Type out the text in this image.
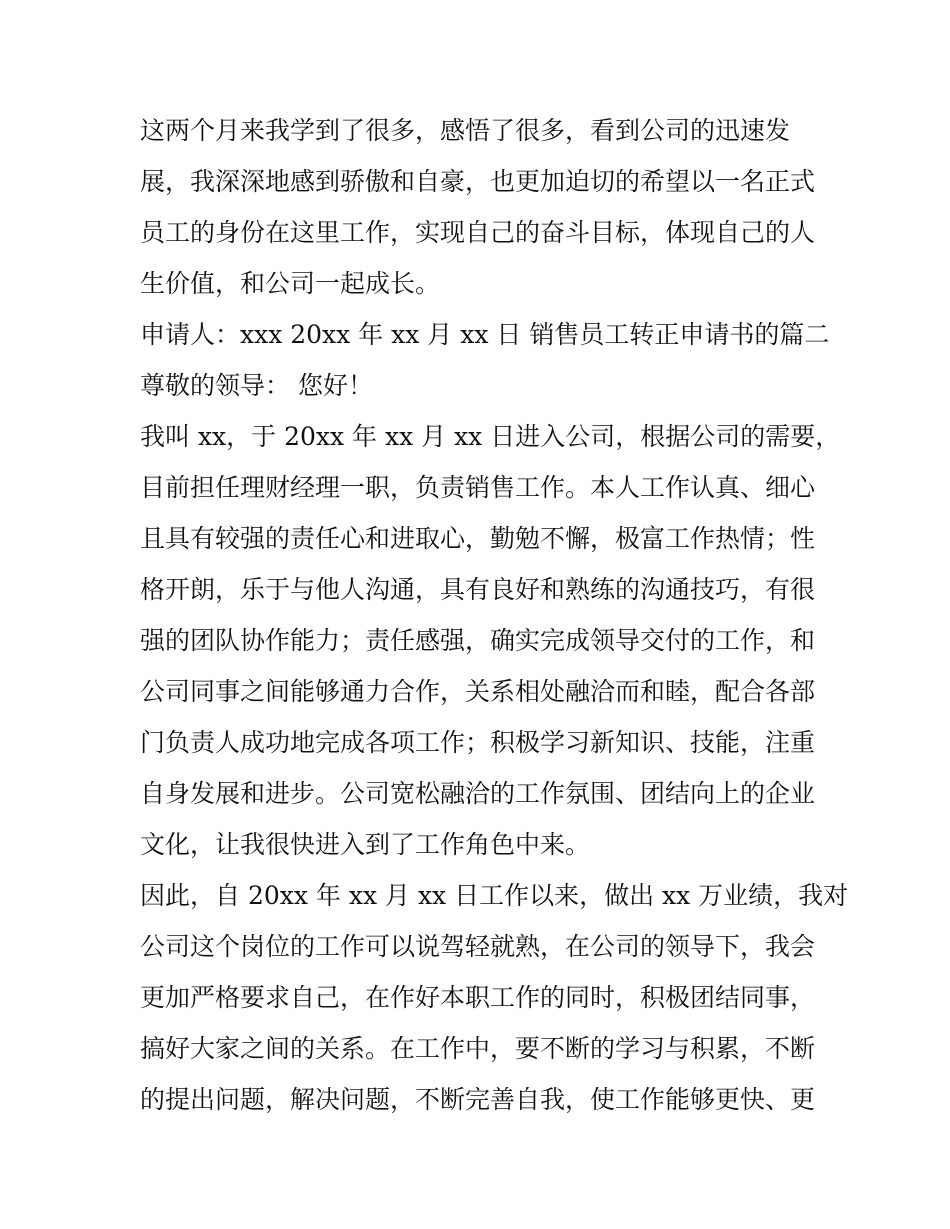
这两个月来我学到了很多，感悟了很多，看到公司的迅速发
展，我深深地感到骄傲和自豪，也更加迫切的希望以一名正式
员工的身份在这里工作，实现自己的奋斗目标，体现自己的人
生价值，和公司一起成长。
申请人：xxx 20xx 年 xx 月 xx 日 销售员工转正申请书的篇二
尊敬的领导： 您好！
我叫 xx，于 20xx 年 xx 月 xx 日进入公司，根据公司的需要，
目前担任理财经理一职，负责销售工作。本人工作认真、细心
且具有较强的责任心和进取心，勤勉不懈，极富工作热情；性
格开朗，乐于与他人沟通，具有良好和熟练的沟通技巧，有很
强的团队协作能力；责任感强，确实完成领导交付的工作，和
公司同事之间能够通力合作，关系相处融洽而和睦，配合各部
门负责人成功地完成各项工作；积极学习新知识、技能，注重
自身发展和进步。公司宽松融洽的工作氛围、团结向上的企业
文化，让我很快进入到了工作角色中来。
因此，自 20xx 年 xx 月 xx 日工作以来，做出 xx 万业绩，我对
公司这个岗位的工作可以说驾轻就熟，在公司的领导下，我会
更加严格要求自己，在作好本职工作的同时，积极团结同事，
搞好大家之间的关系。在工作中，要不断的学习与积累，不断
的提出问题，解决问题，不断完善自我，使工作能够更快、更
